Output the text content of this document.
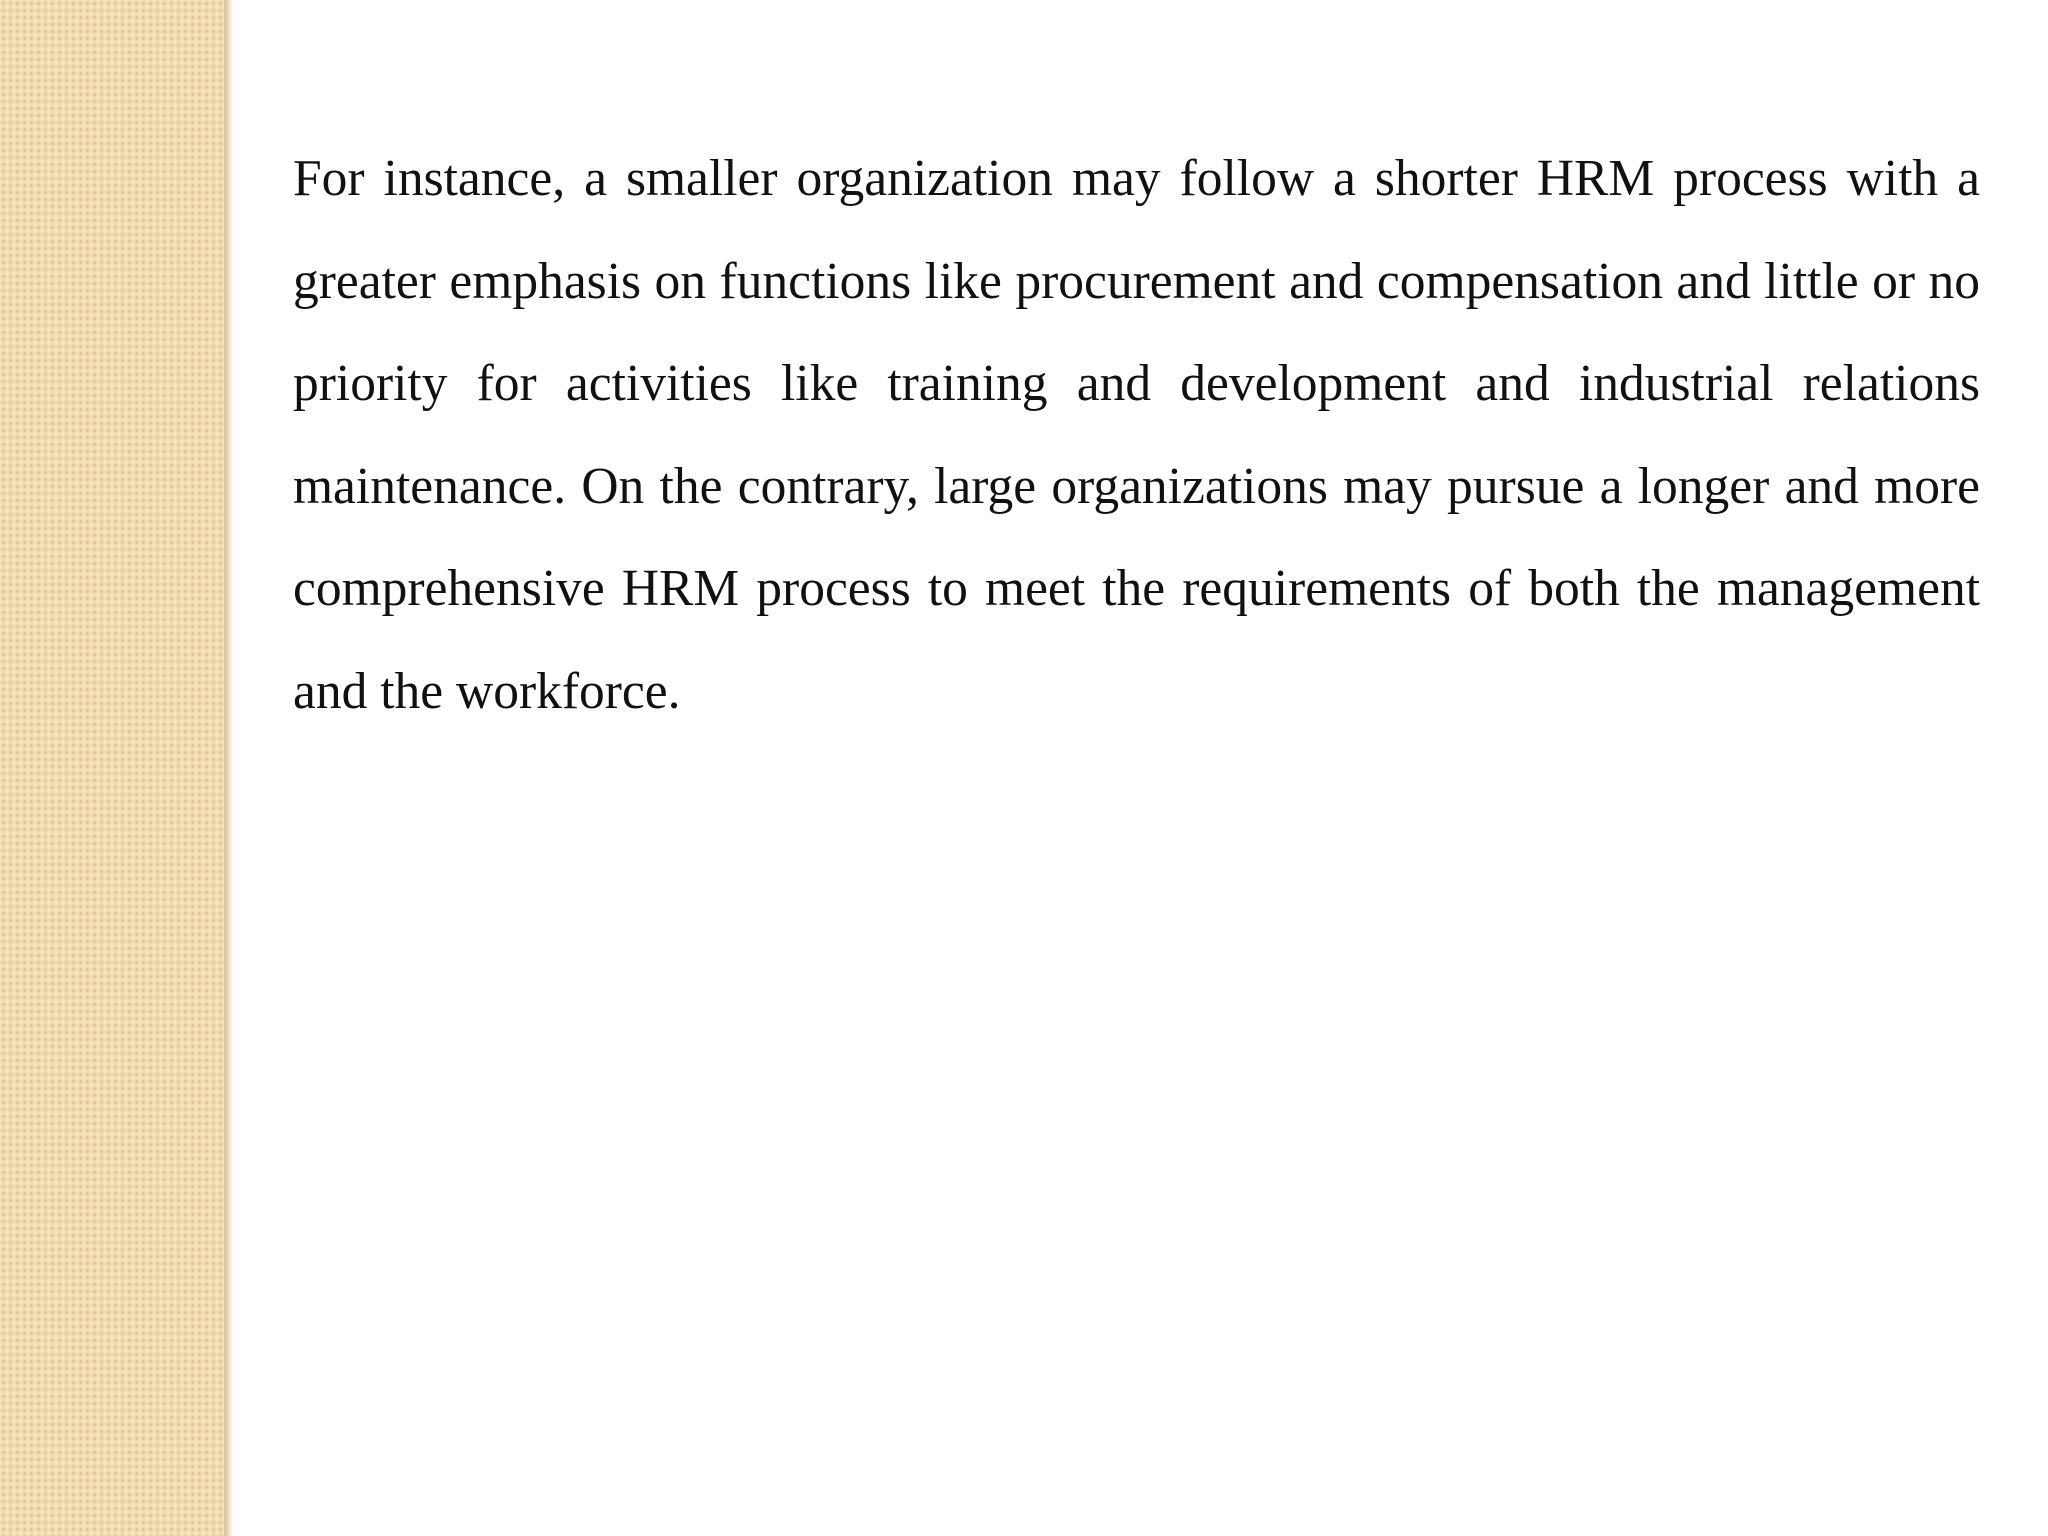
For instance, a smaller organization may follow a shorter HRM process with a greater emphasis on functions like procurement and compensation and little or no priority for activities like training and development and industrial relations maintenance. On the contrary, large organizations may pursue a longer and more comprehensive HRM process to meet the requirements of both the management and the workforce.
